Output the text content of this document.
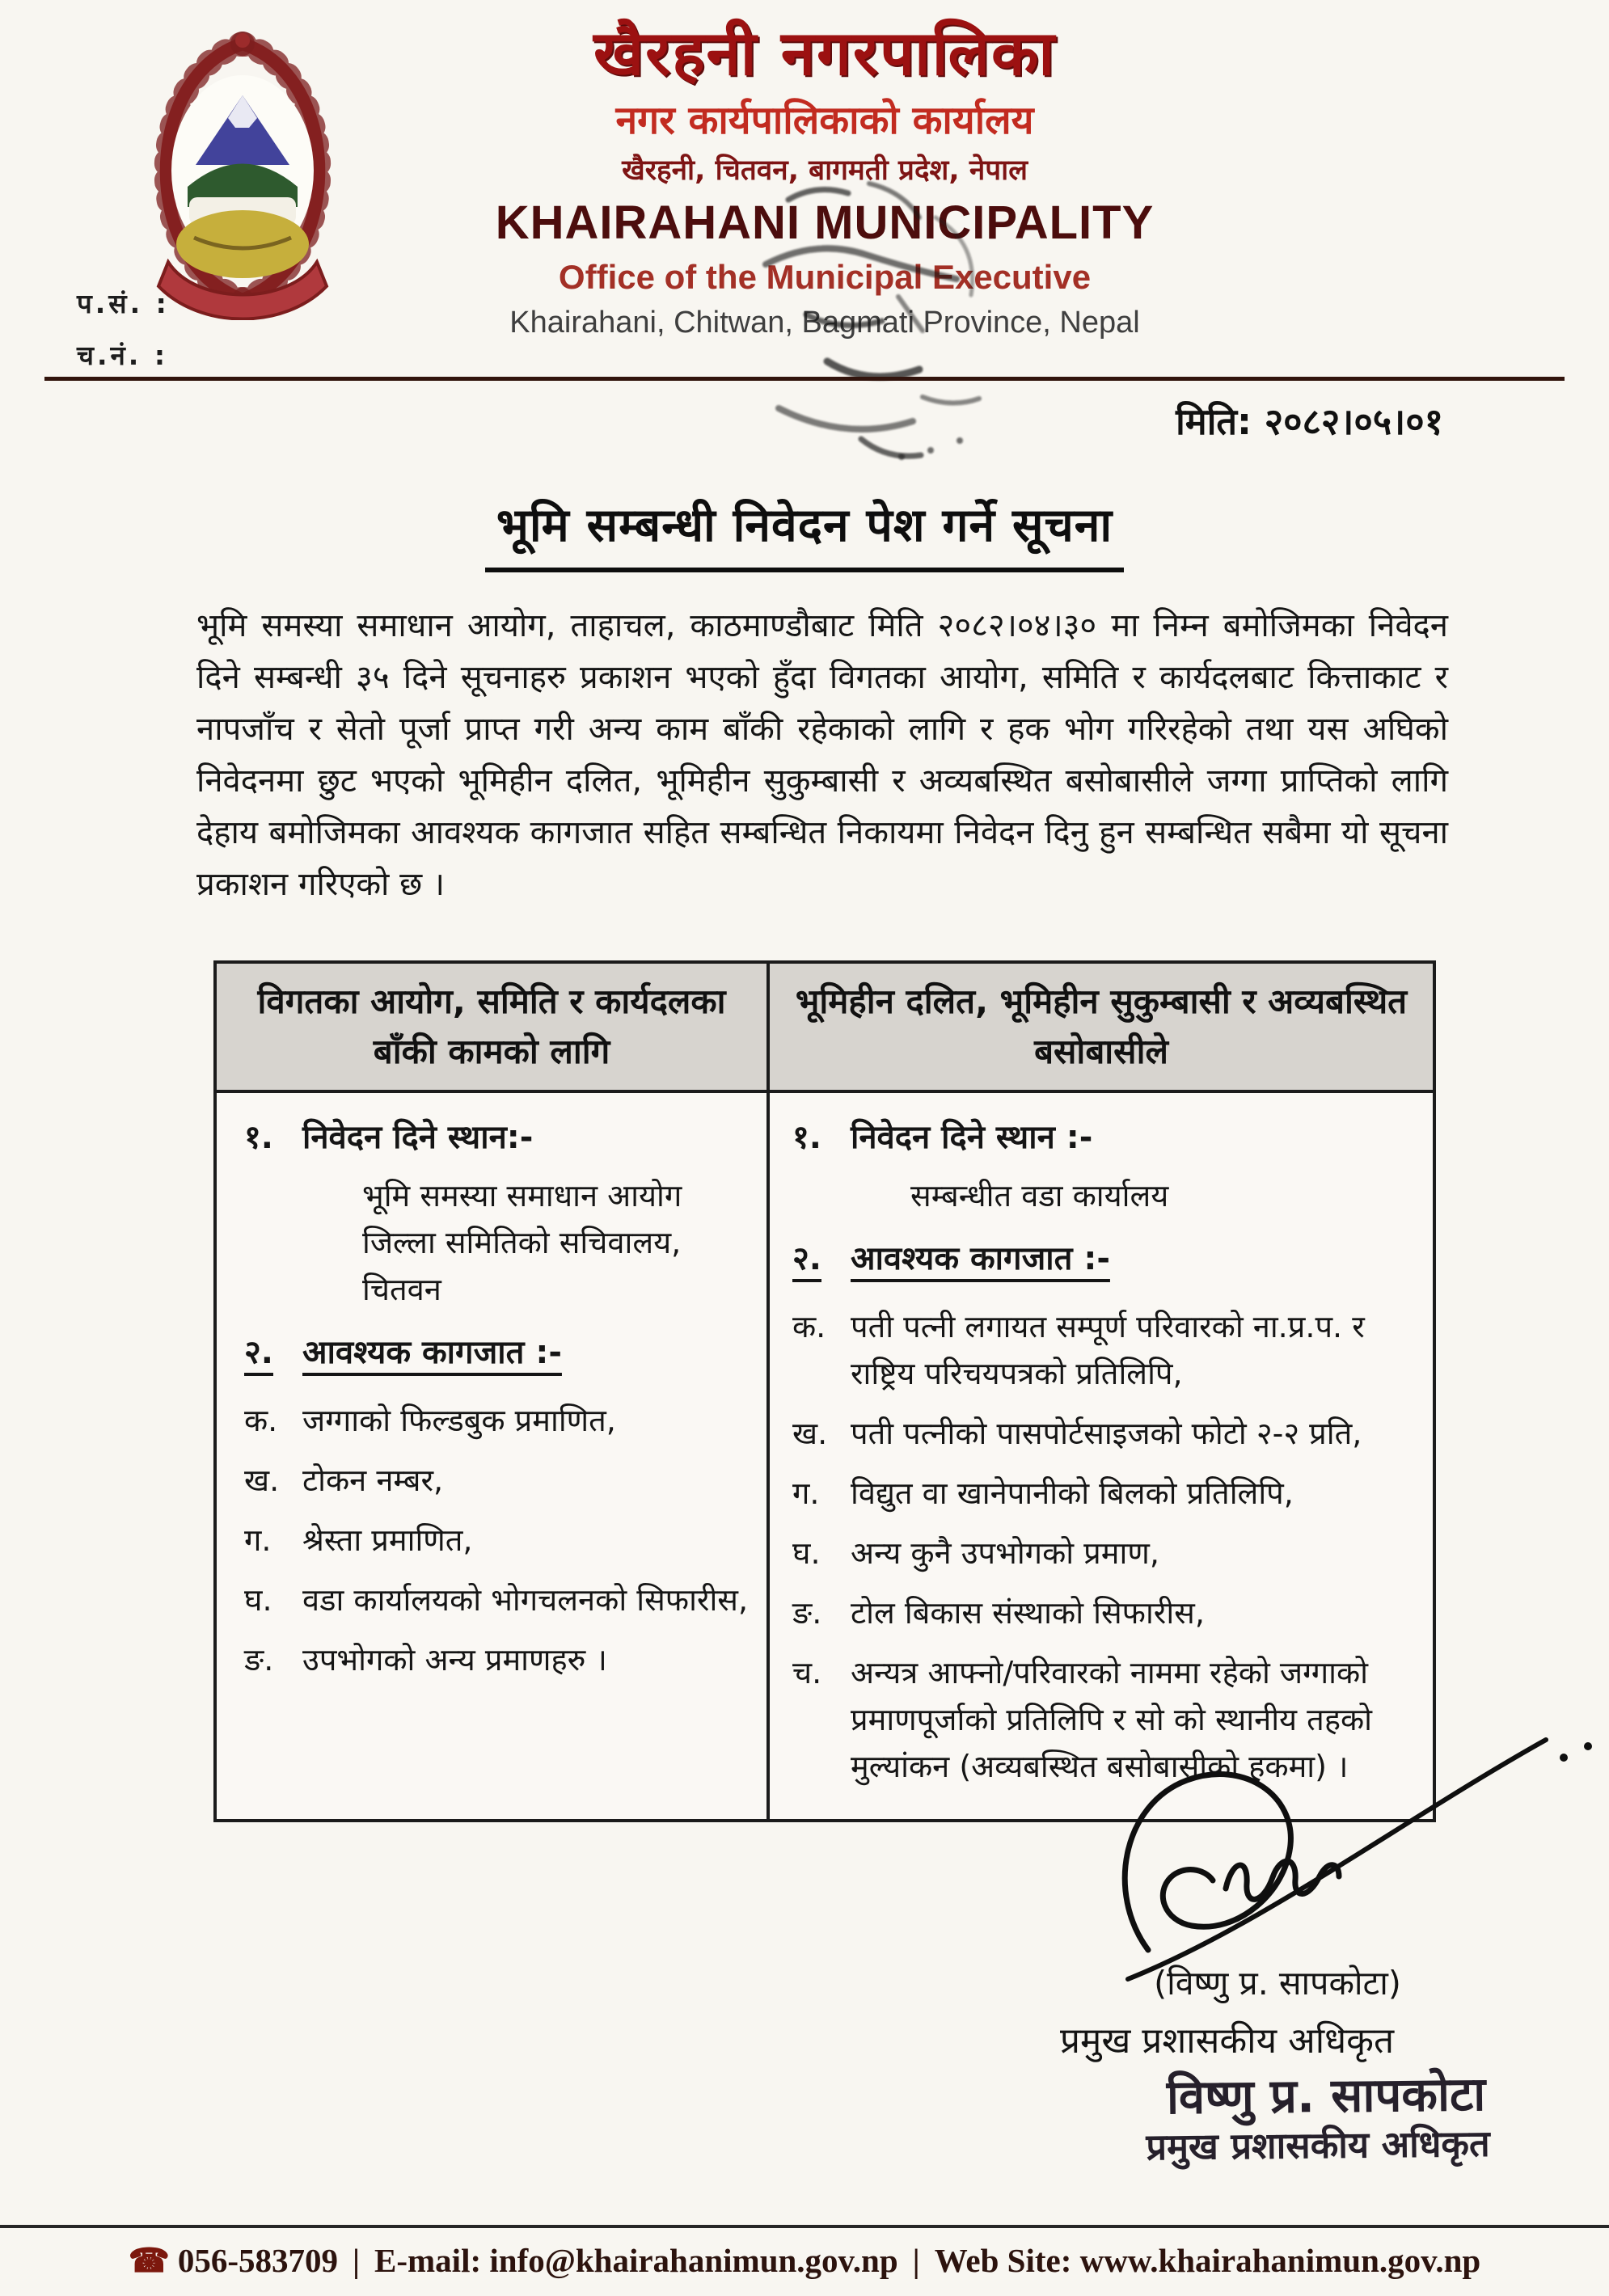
खैरहनी नगरपालिका
नगर कार्यपालिकाको कार्यालय
खैरहनी, चितवन, बागमती प्रदेश, नेपाल
KHAIRAHANI MUNICIPALITY
Office of the Municipal Executive
Khairahani, Chitwan, Bagmati Province, Nepal
प.सं. :
च.नं. :
मिति: २०८२।०५।०१
भूमि सम्बन्धी निवेदन पेश गर्ने सूचना
भूमि समस्या समाधान आयोग, ताहाचल, काठमाण्डौबाट मिति २०८२।०४।३० मा निम्न बमोजिमका निवेदन दिने सम्बन्धी ३५ दिने सूचनाहरु प्रकाशन भएको हुँदा विगतका आयोग, समिति र कार्यदलबाट कित्ताकाट र नापजाँच र सेतो पूर्जा प्राप्त गरी अन्य काम बाँकी रहेकाको लागि र हक भोग गरिरहेको तथा यस अघिको निवेदनमा छुट भएको भूमिहीन दलित, भूमिहीन सुकुम्बासी र अव्यबस्थित बसोबासीले जग्गा प्राप्तिको लागि देहाय बमोजिमका आवश्यक कागजात सहित सम्बन्धित निकायमा निवेदन दिनु हुन सम्बन्धित सबैमा यो सूचना प्रकाशन गरिएको छ ।
विगतका आयोग, समिति र कार्यदलका बाँकी कामको लागि
भूमिहीन दलित, भूमिहीन सुकुम्बासी र अव्यबस्थित बसोबासीले
१. निवेदन दिने स्थान:-
भूमि समस्या समाधान आयोग जिल्ला समितिको सचिवालय, चितवन
२. आवश्यक कागजात :-
क. जग्गाको फिल्डबुक प्रमाणित,
ख. टोकन नम्बर,
ग.	श्रेस्ता प्रमाणित,
घ. वडा कार्यालयको भोगचलनको सिफारीस,
ङ. उपभोगको अन्य प्रमाणहरु ।
१. निवेदन दिने स्थान :-
सम्बन्धीत वडा कार्यालय
२. आवश्यक कागजात :-
क. पती पत्नी लगायत सम्पूर्ण परिवारको ना.प्र.प. र राष्ट्रिय परिचयपत्रको प्रतिलिपि,
ख. पती पत्नीको पासपोर्टसाइजको फोटो २-२ प्रति,
ग.	विद्युत वा खानेपानीको बिलको प्रतिलिपि,
घ. अन्य कुनै उपभोगको प्रमाण,
ङ. टोल बिकास संस्थाको सिफारीस,
च. अन्यत्र आफ्नो/परिवारको नाममा रहेको जग्गाको प्रमाणपूर्जाको प्रतिलिपि र सो को स्थानीय तहको मुल्यांकन (अव्यबस्थित बसोबासीको हकमा) ।
(विष्णु प्र. सापकोटा)
प्रमुख प्रशासकीय अधिकृत
विष्णु प्र. सापकोटा
प्रमुख प्रशासकीय अधिकृत
☎ 056-583709 | E-mail: info@khairahanimun.gov.np | Web Site: www.khairahanimun.gov.np
